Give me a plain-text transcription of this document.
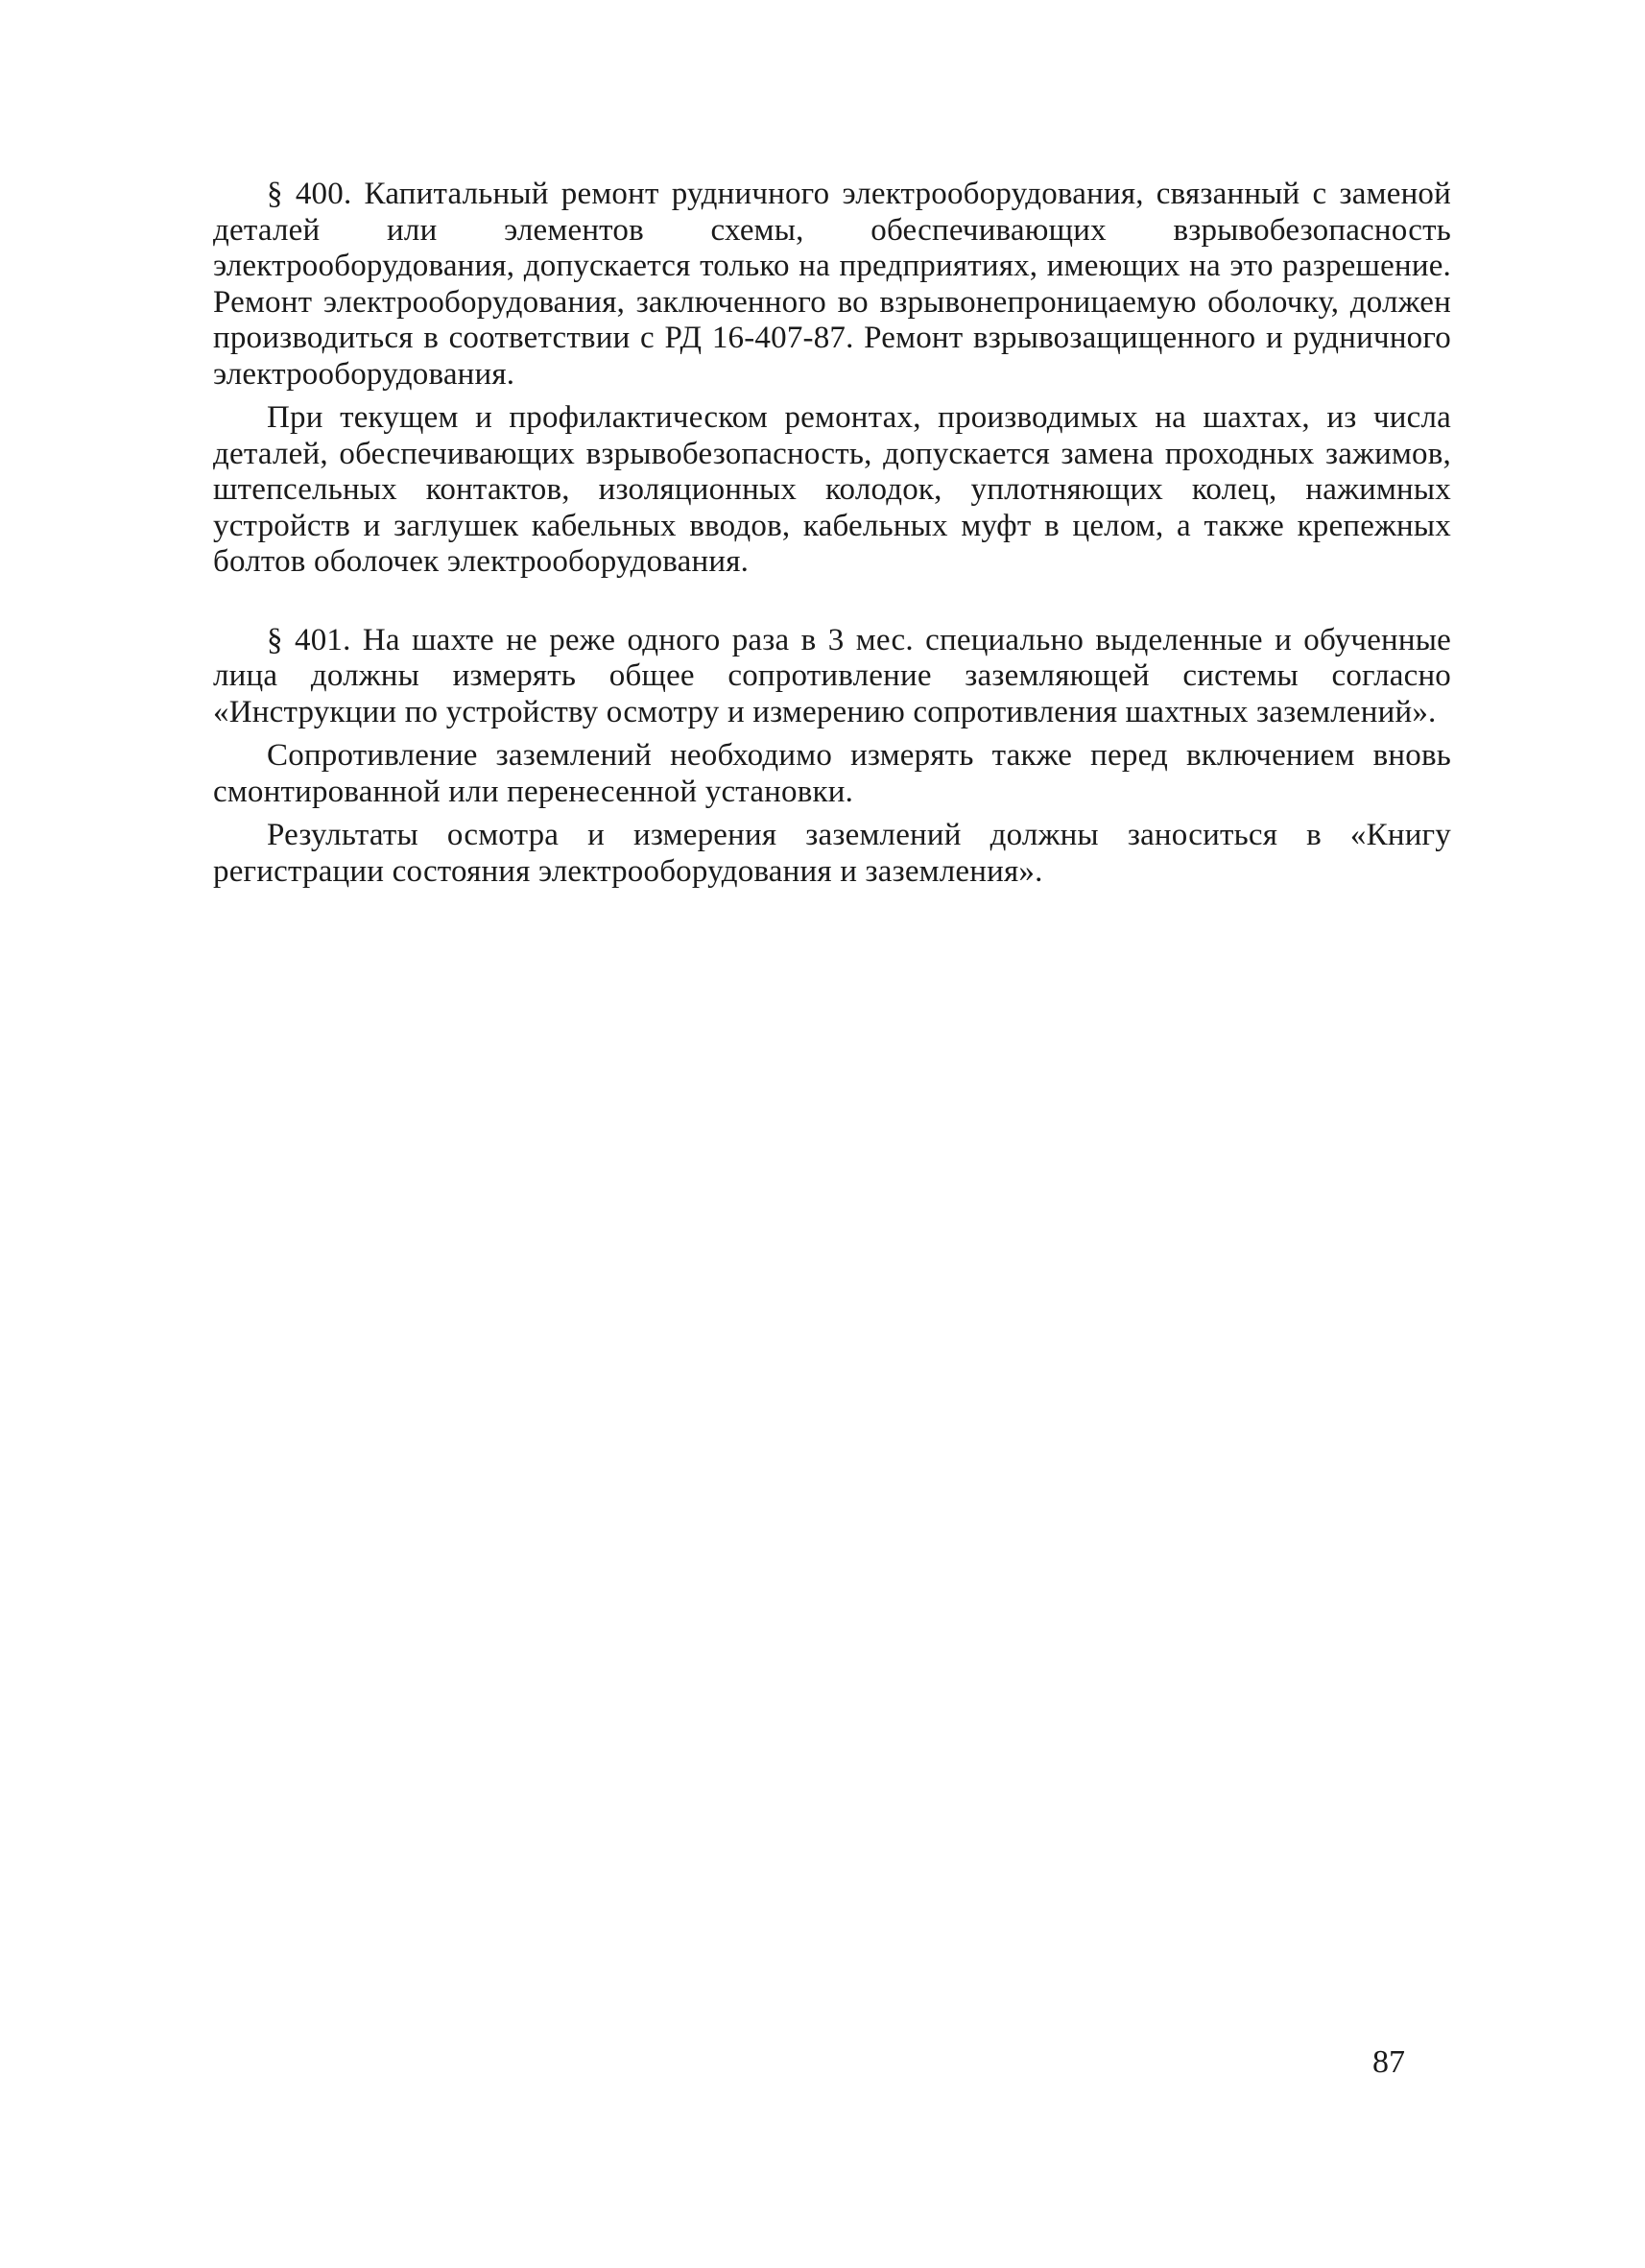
§ 400. Капитальный ремонт рудничного электрооборудования, связанный с заменой деталей или элементов схемы, обеспечивающих взрывобезопасность электрооборудования, допускается только на предприятиях, имеющих на это разрешение. Ремонт электрооборудования, заключенного во взрывонепроницаемую оболочку, должен производиться в соответствии с РД 16-407-87. Ремонт взрывозащищенного и рудничного электрооборудования.

При текущем и профилактическом ремонтах, производимых на шахтах, из числа деталей, обеспечивающих взрывобезопасность, допускается замена проходных зажимов, штепсельных контактов, изоляционных колодок, уплотняющих колец, нажимных устройств и заглушек кабельных вводов, кабельных муфт в целом, а также крепежных болтов оболочек электрооборудования.

§ 401. На шахте не реже одного раза в 3 мес. специально выделенные и обученные лица должны измерять общее сопротивление заземляющей системы согласно «Инструкции по устройству осмотру и измерению сопротивления шахтных заземлений».

Сопротивление заземлений необходимо измерять также перед включением вновь смонтированной или перенесенной установки.

Результаты осмотра и измерения заземлений должны заноситься в «Книгу регистрации состояния электрооборудования и заземления».

87
